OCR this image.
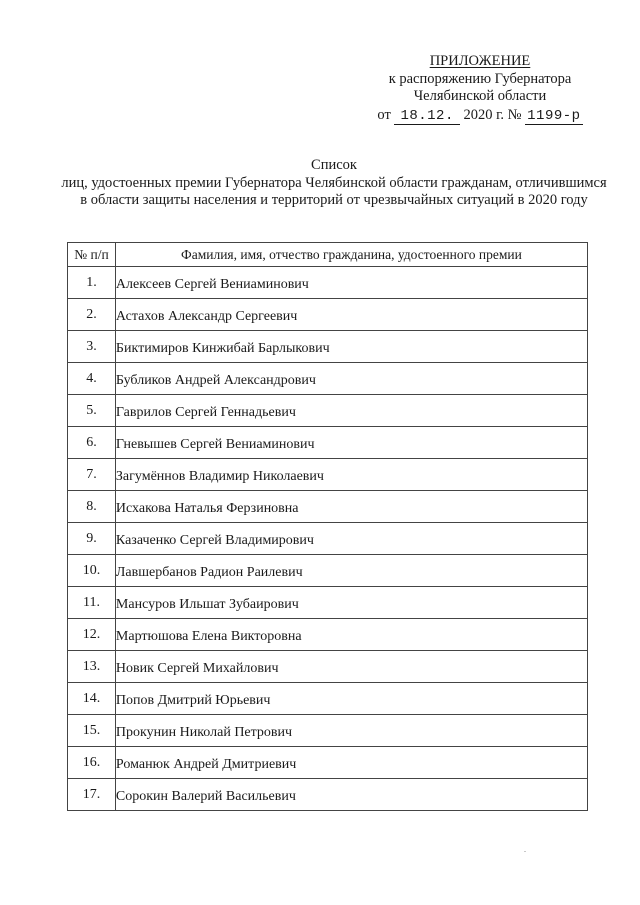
ПРИЛОЖЕНИЕ
к распоряжению Губернатора
Челябинской области
от 18.12. 2020 г. № 1199-р
Список
лиц, удостоенных премии Губернатора Челябинской области гражданам, отличившимся в области защиты населения и территорий от чрезвычайных ситуаций в 2020 году
№ п/п	Фамилия, имя, отчество гражданина, удостоенного премии
1.	Алексеев Сергей Вениаминович

2.	Астахов Александр Сергеевич

3.	Биктимиров Кинжибай Барлыкович

4.	Бубликов Андрей Александрович

5.	Гаврилов Сергей Геннадьевич

6.	Гневышев Сергей Вениаминович

7.	Загумённов Владимир Николаевич

8.	Исхакова Наталья Ферзиновна

9.	Казаченко Сергей Владимирович

10.	Лавшербанов Радион Раилевич

11.	Мансуров Ильшат Зубаирович

12.	Мартюшова Елена Викторовна

13.	Новик Сергей Михайлович

14.	Попов Дмитрий Юрьевич

15.	Прокунин Николай Петрович

16.	Романюк Андрей Дмитриевич

17.	Сорокин Валерий Васильевич
